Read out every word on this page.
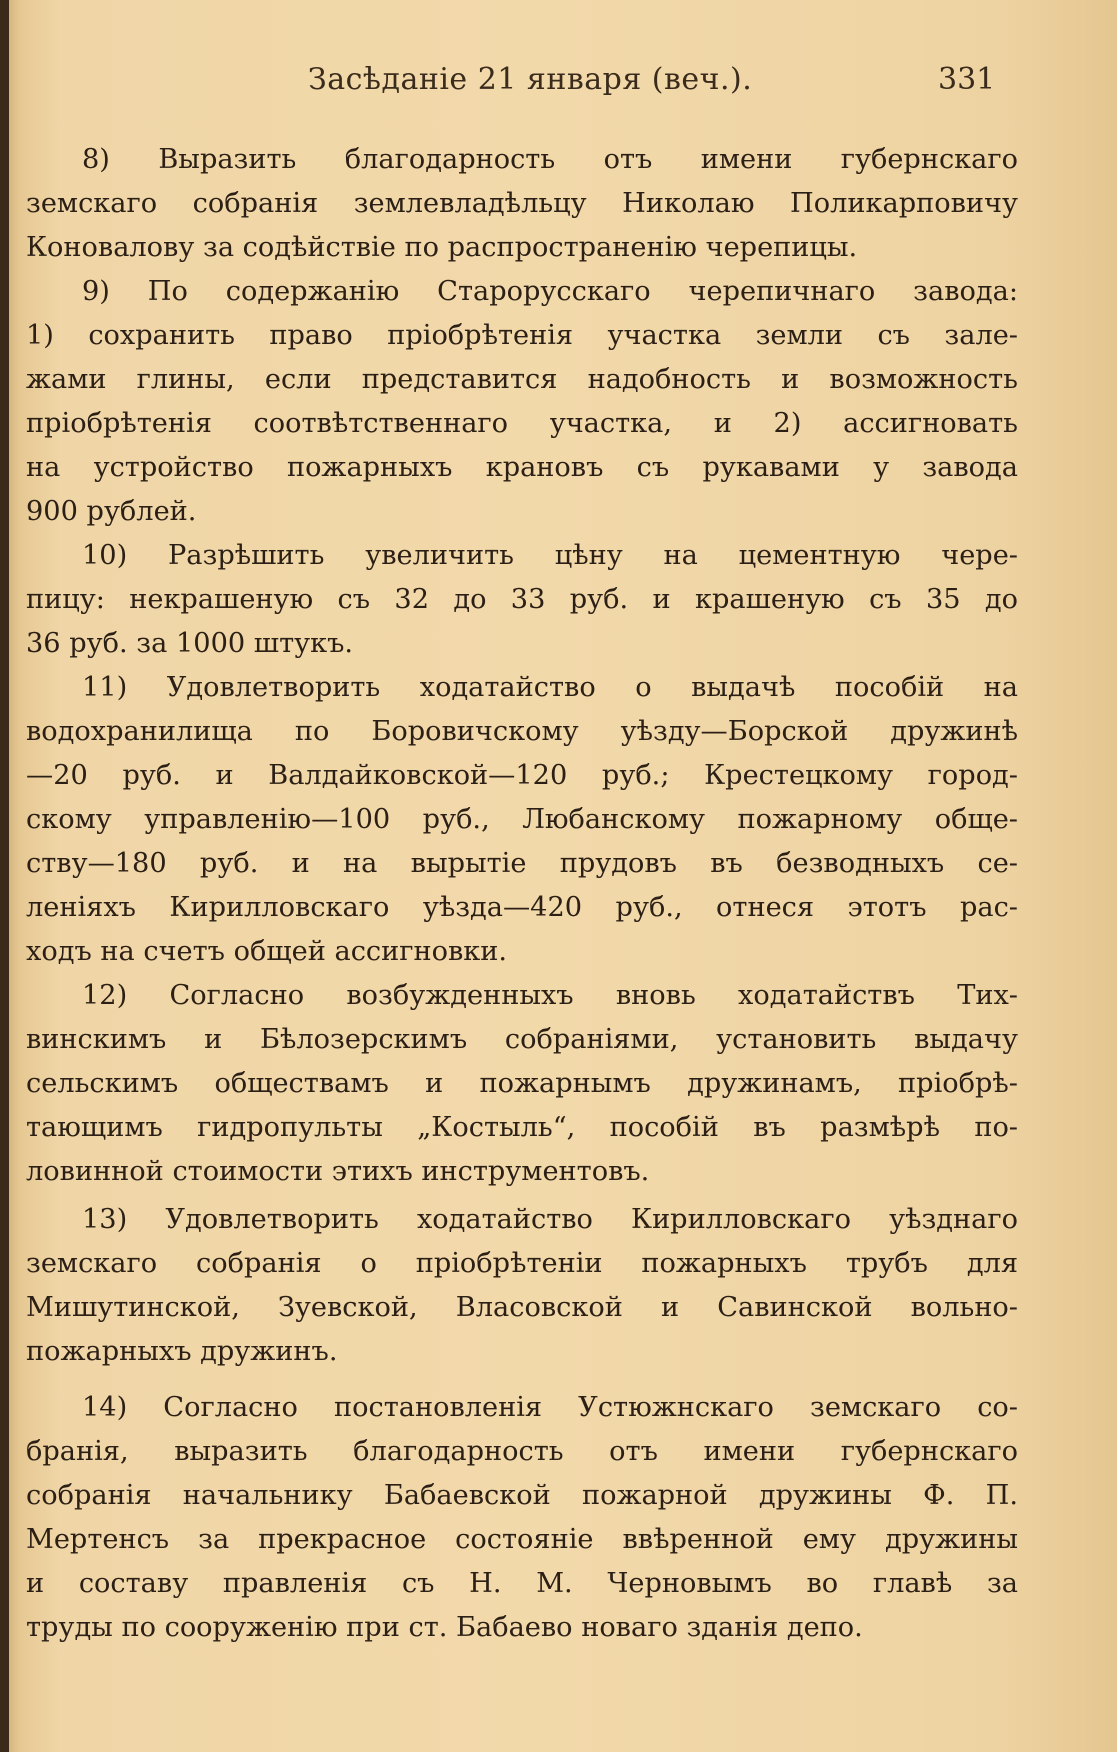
Засѣданіе 21 января (веч.).	331

8) Выразить благодарность отъ имени губернскаго
земскаго собранія землевладѣльцу Николаю Поликарповичу
Коновалову за содѣйствіе по распространенію черепицы.

9) По содержанію Старорусскаго черепичнаго завода:
1) сохранить право пріобрѣтенія участка земли съ зале-
жами глины, если представится надобность и возможность
пріобрѣтенія соотвѣтственнаго участка, и 2) ассигновать
на устройство пожарныхъ крановъ съ рукавами у завода
900 рублей.

10) Разрѣшить увеличить цѣну на цементную чере-
пицу: некрашеную съ 32 до 33 руб. и крашеную съ 35 до
36 руб. за 1000 штукъ.

11) Удовлетворить ходатайство о выдачѣ пособій на
водохранилища по Боровичскому уѣзду—Борской дружинѣ
—20 руб. и Валдайковской—120 руб.; Крестецкому город-
скому управленію—100 руб., Любанскому пожарному обще-
ству—180 руб. и на вырытіе прудовъ въ безводныхъ се-
леніяхъ Кирилловскаго уѣзда—420 руб., отнеся этотъ рас-
ходъ на счетъ общей ассигновки.

12) Согласно возбужденныхъ вновь ходатайствъ Тих-
винскимъ и Бѣлозерскимъ собраніями, установить выдачу
сельскимъ обществамъ и пожарнымъ дружинамъ, пріобрѣ-
тающимъ гидропульты „Костыль“, пособій въ размѣрѣ по-
ловинной стоимости этихъ инструментовъ.

13) Удовлетворить ходатайство Кирилловскаго уѣзднаго
земскаго собранія о пріобрѣтеніи пожарныхъ трубъ для
Мишутинской, Зуевской, Власовской и Савинской вольно-
пожарныхъ дружинъ.

14) Согласно постановленія Устюжнскаго земскаго со-
бранія, выразить благодарность отъ имени губернскаго
собранія начальнику Бабаевской пожарной дружины Ф. П.
Мертенсъ за прекрасное состояніе ввѣренной ему дружины
и составу правленія съ Н. М. Черновымъ во главѣ за
труды по сооруженію при ст. Бабаево новаго зданія депо.
